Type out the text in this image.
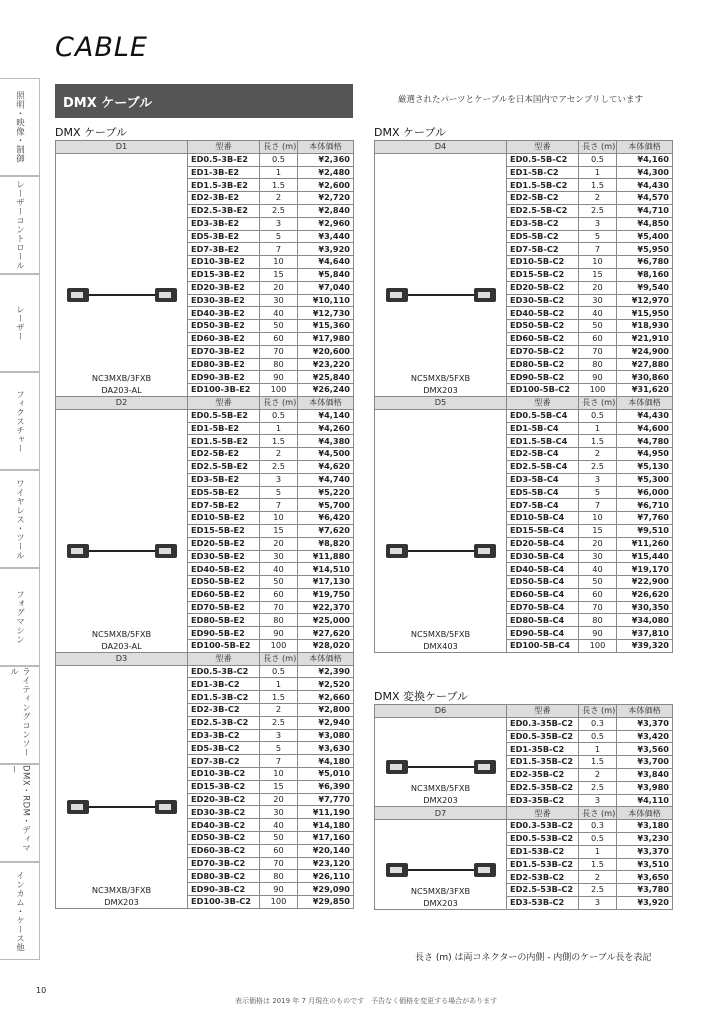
CABLE
照明・映像・制御
レーザーコントロール
レーザー
フィクスチャー
ワイヤレス・ツール
フォグマシン
ライティングコンソール
DMX・RDM・ディマー
インカム・ケース他
DMX ケーブル	厳選されたパーツとケーブルを日本国内でアセンブリしています
DMX ケーブル	DMX ケーブル
DMX 変換ケーブル
D1	型番	長さ (m)	本体価格

NC3MXB/3FXB
DA203-AL	ED0.5-3B-E2	0.5	¥2,360
	ED1-3B-E2	1	¥2,480
	ED1.5-3B-E2	1.5	¥2,600
	ED2-3B-E2	2	¥2,720
	ED2.5-3B-E2	2.5	¥2,840
	ED3-3B-E2	3	¥2,960
	ED5-3B-E2	5	¥3,440
	ED7-3B-E2	7	¥3,920
	ED10-3B-E2	10	¥4,640
	ED15-3B-E2	15	¥5,840
	ED20-3B-E2	20	¥7,040
	ED30-3B-E2	30	¥10,110
	ED40-3B-E2	40	¥12,730
	ED50-3B-E2	50	¥15,360
	ED60-3B-E2	60	¥17,980
	ED70-3B-E2	70	¥20,600
	ED80-3B-E2	80	¥23,220
	ED90-3B-E2	90	¥25,840
	ED100-3B-E2	100	¥26,240
D2	型番	長さ (m)	本体価格

NC5MXB/5FXB
DA203-AL	ED0.5-5B-E2	0.5	¥4,140
	ED1-5B-E2	1	¥4,260
	ED1.5-5B-E2	1.5	¥4,380
	ED2-5B-E2	2	¥4,500
	ED2.5-5B-E2	2.5	¥4,620
	ED3-5B-E2	3	¥4,740
	ED5-5B-E2	5	¥5,220
	ED7-5B-E2	7	¥5,700
	ED10-5B-E2	10	¥6,420
	ED15-5B-E2	15	¥7,620
	ED20-5B-E2	20	¥8,820
	ED30-5B-E2	30	¥11,880
	ED40-5B-E2	40	¥14,510
	ED50-5B-E2	50	¥17,130
	ED60-5B-E2	60	¥19,750
	ED70-5B-E2	70	¥22,370
	ED80-5B-E2	80	¥25,000
	ED90-5B-E2	90	¥27,620
	ED100-5B-E2	100	¥28,020
D3	型番	長さ (m)	本体価格

NC3MXB/3FXB
DMX203	ED0.5-3B-C2	0.5	¥2,390
	ED1-3B-C2	1	¥2,520
	ED1.5-3B-C2	1.5	¥2,660
	ED2-3B-C2	2	¥2,800
	ED2.5-3B-C2	2.5	¥2,940
	ED3-3B-C2	3	¥3,080
	ED5-3B-C2	5	¥3,630
	ED7-3B-C2	7	¥4,180
	ED10-3B-C2	10	¥5,010
	ED15-3B-C2	15	¥6,390
	ED20-3B-C2	20	¥7,770
	ED30-3B-C2	30	¥11,190
	ED40-3B-C2	40	¥14,180
	ED50-3B-C2	50	¥17,160
	ED60-3B-C2	60	¥20,140
	ED70-3B-C2	70	¥23,120
	ED80-3B-C2	80	¥26,110
	ED90-3B-C2	90	¥29,090
	ED100-3B-C2	100	¥29,850
D4	型番	長さ (m)	本体価格

NC5MXB/5FXB
DMX203	ED0.5-5B-C2	0.5	¥4,160
	ED1-5B-C2	1	¥4,300
	ED1.5-5B-C2	1.5	¥4,430
	ED2-5B-C2	2	¥4,570
	ED2.5-5B-C2	2.5	¥4,710
	ED3-5B-C2	3	¥4,850
	ED5-5B-C2	5	¥5,400
	ED7-5B-C2	7	¥5,950
	ED10-5B-C2	10	¥6,780
	ED15-5B-C2	15	¥8,160
	ED20-5B-C2	20	¥9,540
	ED30-5B-C2	30	¥12,970
	ED40-5B-C2	40	¥15,950
	ED50-5B-C2	50	¥18,930
	ED60-5B-C2	60	¥21,910
	ED70-5B-C2	70	¥24,900
	ED80-5B-C2	80	¥27,880
	ED90-5B-C2	90	¥30,860
	ED100-5B-C2	100	¥31,620
D5	型番	長さ (m)	本体価格

NC5MXB/5FXB
DMX403	ED0.5-5B-C4	0.5	¥4,430
	ED1-5B-C4	1	¥4,600
	ED1.5-5B-C4	1.5	¥4,780
	ED2-5B-C4	2	¥4,950
	ED2.5-5B-C4	2.5	¥5,130
	ED3-5B-C4	3	¥5,300
	ED5-5B-C4	5	¥6,000
	ED7-5B-C4	7	¥6,710
	ED10-5B-C4	10	¥7,760
	ED15-5B-C4	15	¥9,510
	ED20-5B-C4	20	¥11,260
	ED30-5B-C4	30	¥15,440
	ED40-5B-C4	40	¥19,170
	ED50-5B-C4	50	¥22,900
	ED60-5B-C4	60	¥26,620
	ED70-5B-C4	70	¥30,350
	ED80-5B-C4	80	¥34,080
	ED90-5B-C4	90	¥37,810
	ED100-5B-C4	100	¥39,320
D6	型番	長さ (m)	本体価格

NC3MXB/5FXB
DMX203	ED0.3-35B-C2	0.3	¥3,370
	ED0.5-35B-C2	0.5	¥3,420
	ED1-35B-C2	1	¥3,560
	ED1.5-35B-C2	1.5	¥3,700
	ED2-35B-C2	2	¥3,840
	ED2.5-35B-C2	2.5	¥3,980
	ED3-35B-C2	3	¥4,110
D7	型番	長さ (m)	本体価格

NC5MXB/3FXB
DMX203	ED0.3-53B-C2	0.3	¥3,180
	ED0.5-53B-C2	0.5	¥3,230
	ED1-53B-C2	1	¥3,370
	ED1.5-53B-C2	1.5	¥3,510
	ED2-53B-C2	2	¥3,650
	ED2.5-53B-C2	2.5	¥3,780
	ED3-53B-C2	3	¥3,920
長さ (m) は両コネクターの内側 - 内側のケーブル長を表記
10
表示価格は 2019 年 7 月現在のものです　予告なく価格を変更する場合があります
